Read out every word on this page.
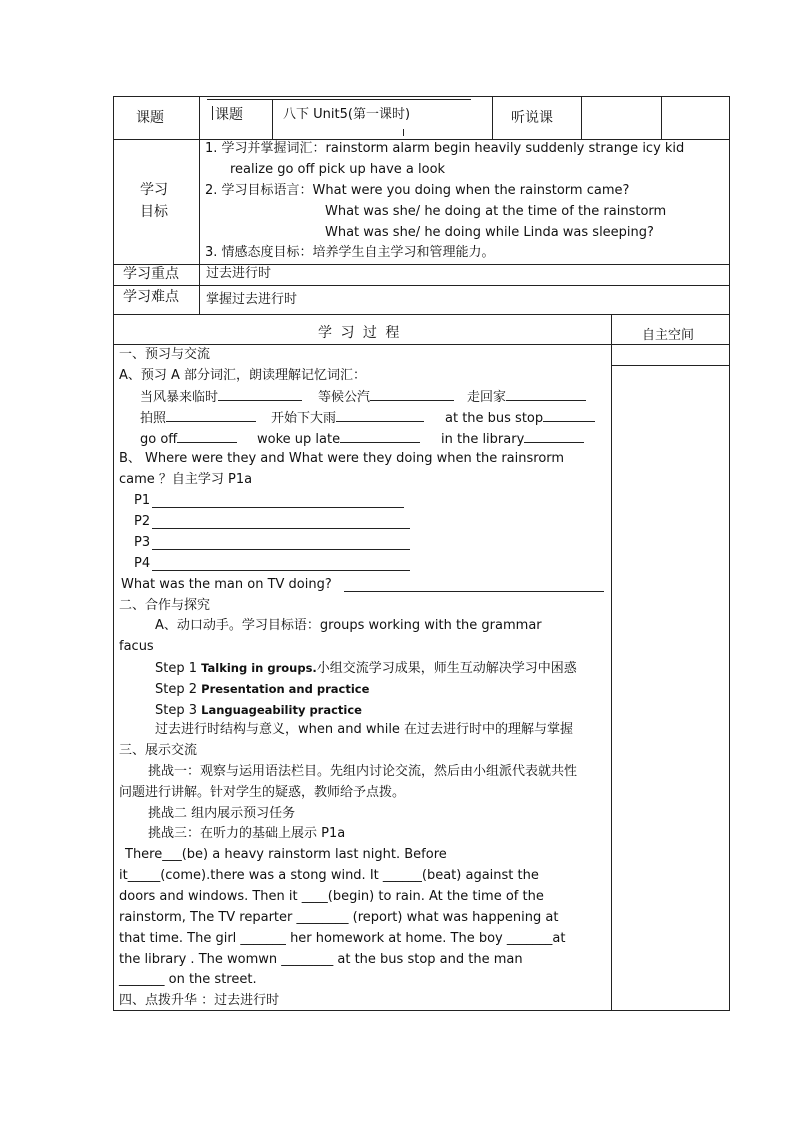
课题	课题	八下 Unit5(第一课时)	听说课
学习
目标
1. 学习并掌握词汇：rainstorm alarm begin heavily suddenly strange icy kid
realize go off pick up have a look
2. 学习目标语言：What were you doing when the rainstorm came?
What was she/ he doing at the time of the rainstorm
What was she/ he doing while Linda was sleeping?
3. 情感态度目标：培养学生自主学习和管理能力。
学习重点 过去进行时
学习难点 掌握过去进行时
学 习 过 程	自主空间
一、预习与交流
A、预习 A 部分词汇，朗读理解记忆词汇：
当风暴来临时	等候公汽	走回家
拍照	开始下大雨	at the bus stop
go off	woke up late	in the library
B、 Where were they and What were they doing when the rainsrorm
came ？自主学习 P1a
P1
P2
P3
P4
What was the man on TV doing?
二、合作与探究
A、动口动手。学习目标语：groups working with the grammar
facus
Step 1 Talking in groups.小组交流学习成果，师生互动解决学习中困惑
Step 2 Presentation and practice
Step 3 Languageability practice
过去进行时结构与意义，when and while 在过去进行时中的理解与掌握
三、展示交流
挑战一：观察与运用语法栏目。先组内讨论交流，然后由小组派代表就共性
问题进行讲解。针对学生的疑惑，教师给予点拨。
挑战二 组内展示预习任务
挑战三：在听力的基础上展示 P1a
There___(be) a heavy rainstorm last night. Before
it_____(come).there was a stong wind. It ______(beat) against the
doors and windows. Then it ____(begin) to rain. At the time of the
rainstorm, The TV reparter ________ (report) what was happening at
that time. The girl _______ her homework at home. The boy _______at
the library . The womwn ________ at the bus stop and the man
_______ on the street.
四、点拨升华 ：过去进行时
